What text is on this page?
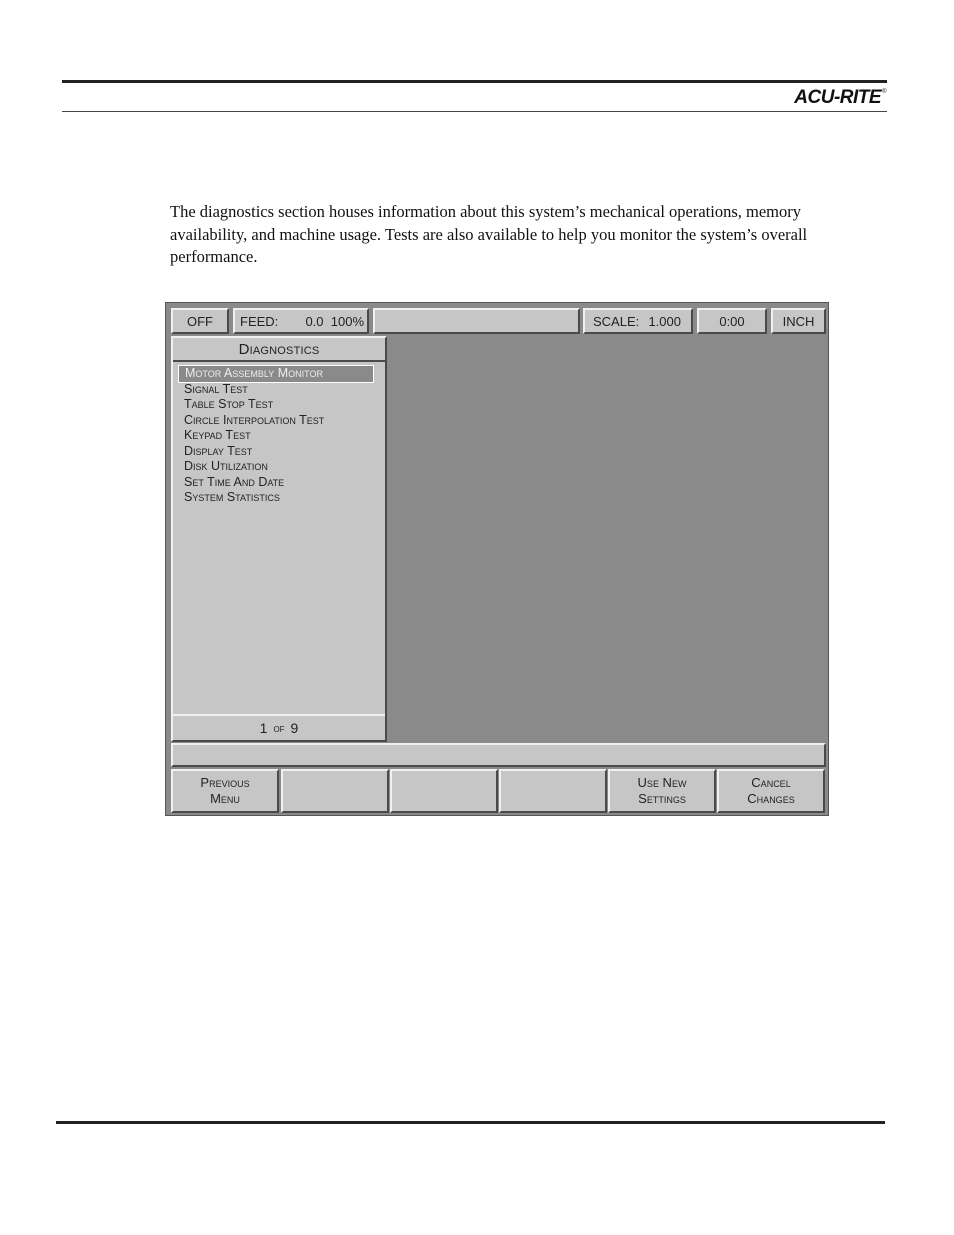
ACU-RITE®

The diagnostics section houses information about this system’s mechanical operations, memory availability, and machine usage. Tests are also available to help you monitor the system’s overall performance.

OFF	FEED: 0.0 100%	SCALE: 1.000	0:00	INCH
Diagnostics
Motor Assembly Monitor
Signal Test
Table Stop Test
Circle Interpolation Test
Keypad Test
Display Test
Disk Utilization
Set Time And Date
System Statistics
1 of 9
Previous
Menu
Use New
Settings
Cancel
Changes
